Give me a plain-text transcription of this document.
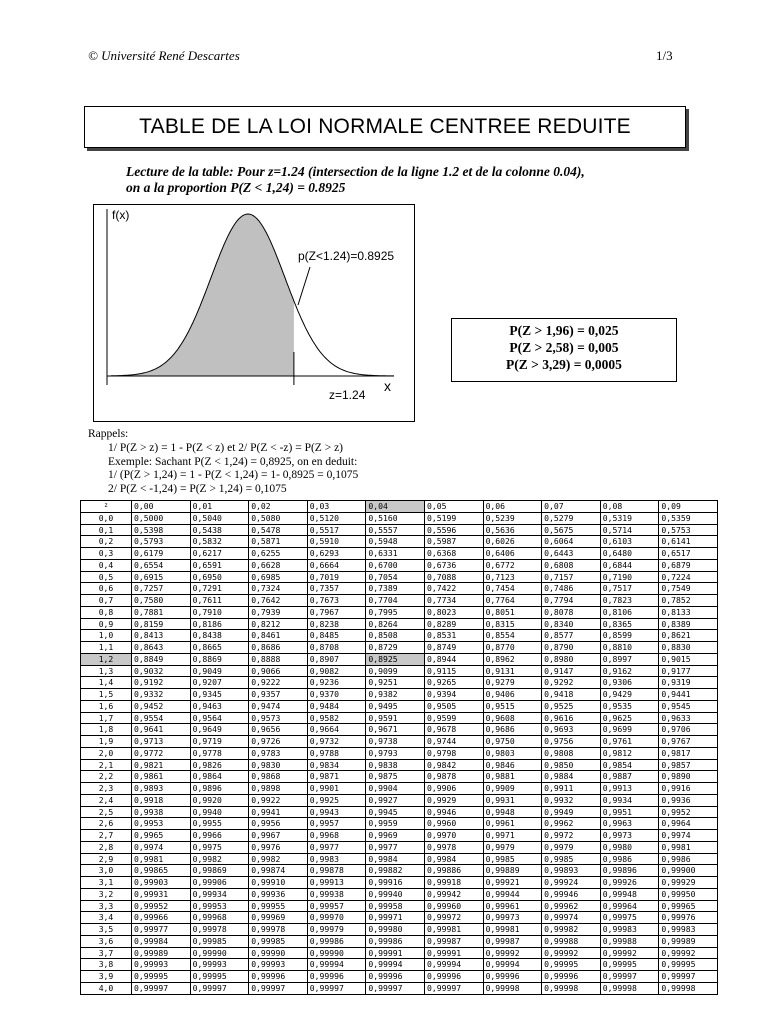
© Université René Descartes	1/3
TABLE DE LA LOI NORMALE CENTREE REDUITE
Lecture de la table: Pour z=1.24 (intersection de la ligne 1.2 et de la colonne 0.04),
on a la proportion P(Z < 1,24) = 0.8925
f(x)
p(Z<1.24)=0.8925
z=1.24
x
P(Z > 1,96) = 0,025
P(Z > 2,58) = 0,005
P(Z > 3,29) = 0,0005
Rappels:
1/ P(Z > z) = 1 - P(Z < z) et 2/ P(Z < -z) = P(Z > z)
Exemple: Sachant P(Z < 1,24) = 0,8925, on en deduit:
1/ (P(Z > 1,24) = 1 - P(Z < 1,24) = 1- 0,8925 = 0,1075
2/ P(Z < -1,24) = P(Z > 1,24) = 0,1075
z	0,00	0,01	0,02	0,03	0,04	0,05	0,06	0,07	0,08	0,09
0,0	0,5000	0,5040	0,5080	0,5120	0,5160	0,5199	0,5239	0,5279	0,5319	0,5359
0,1	0,5398	0,5438	0,5478	0,5517	0,5557	0,5596	0,5636	0,5675	0,5714	0,5753
0,2	0,5793	0,5832	0,5871	0,5910	0,5948	0,5987	0,6026	0,6064	0,6103	0,6141
0,3	0,6179	0,6217	0,6255	0,6293	0,6331	0,6368	0,6406	0,6443	0,6480	0,6517
0,4	0,6554	0,6591	0,6628	0,6664	0,6700	0,6736	0,6772	0,6808	0,6844	0,6879
0,5	0,6915	0,6950	0,6985	0,7019	0,7054	0,7088	0,7123	0,7157	0,7190	0,7224
0,6	0,7257	0,7291	0,7324	0,7357	0,7389	0,7422	0,7454	0,7486	0,7517	0,7549
0,7	0,7580	0,7611	0,7642	0,7673	0,7704	0,7734	0,7764	0,7794	0,7823	0,7852
0,8	0,7881	0,7910	0,7939	0,7967	0,7995	0,8023	0,8051	0,8078	0,8106	0,8133
0,9	0,8159	0,8186	0,8212	0,8238	0,8264	0,8289	0,8315	0,8340	0,8365	0,8389
1,0	0,8413	0,8438	0,8461	0,8485	0,8508	0,8531	0,8554	0,8577	0,8599	0,8621
1,1	0,8643	0,8665	0,8686	0,8708	0,8729	0,8749	0,8770	0,8790	0,8810	0,8830
1,2	0,8849	0,8869	0,8888	0,8907	0,8925	0,8944	0,8962	0,8980	0,8997	0,9015
1,3	0,9032	0,9049	0,9066	0,9082	0,9099	0,9115	0,9131	0,9147	0,9162	0,9177
1,4	0,9192	0,9207	0,9222	0,9236	0,9251	0,9265	0,9279	0,9292	0,9306	0,9319
1,5	0,9332	0,9345	0,9357	0,9370	0,9382	0,9394	0,9406	0,9418	0,9429	0,9441
1,6	0,9452	0,9463	0,9474	0,9484	0,9495	0,9505	0,9515	0,9525	0,9535	0,9545
1,7	0,9554	0,9564	0,9573	0,9582	0,9591	0,9599	0,9608	0,9616	0,9625	0,9633
1,8	0,9641	0,9649	0,9656	0,9664	0,9671	0,9678	0,9686	0,9693	0,9699	0,9706
1,9	0,9713	0,9719	0,9726	0,9732	0,9738	0,9744	0,9750	0,9756	0,9761	0,9767
2,0	0,9772	0,9778	0,9783	0,9788	0,9793	0,9798	0,9803	0,9808	0,9812	0,9817
2,1	0,9821	0,9826	0,9830	0,9834	0,9838	0,9842	0,9846	0,9850	0,9854	0,9857
2,2	0,9861	0,9864	0,9868	0,9871	0,9875	0,9878	0,9881	0,9884	0,9887	0,9890
2,3	0,9893	0,9896	0,9898	0,9901	0,9904	0,9906	0,9909	0,9911	0,9913	0,9916
2,4	0,9918	0,9920	0,9922	0,9925	0,9927	0,9929	0,9931	0,9932	0,9934	0,9936
2,5	0,9938	0,9940	0,9941	0,9943	0,9945	0,9946	0,9948	0,9949	0,9951	0,9952
2,6	0,9953	0,9955	0,9956	0,9957	0,9959	0,9960	0,9961	0,9962	0,9963	0,9964
2,7	0,9965	0,9966	0,9967	0,9968	0,9969	0,9970	0,9971	0,9972	0,9973	0,9974
2,8	0,9974	0,9975	0,9976	0,9977	0,9977	0,9978	0,9979	0,9979	0,9980	0,9981
2,9	0,9981	0,9982	0,9982	0,9983	0,9984	0,9984	0,9985	0,9985	0,9986	0,9986
3,0	0,99865	0,99869	0,99874	0,99878	0,99882	0,99886	0,99889	0,99893	0,99896	0,99900
3,1	0,99903	0,99906	0,99910	0,99913	0,99916	0,99918	0,99921	0,99924	0,99926	0,99929
3,2	0,99931	0,99934	0,99936	0,99938	0,99940	0,99942	0,99944	0,99946	0,99948	0,99950
3,3	0,99952	0,99953	0,99955	0,99957	0,99958	0,99960	0,99961	0,99962	0,99964	0,99965
3,4	0,99966	0,99968	0,99969	0,99970	0,99971	0,99972	0,99973	0,99974	0,99975	0,99976
3,5	0,99977	0,99978	0,99978	0,99979	0,99980	0,99981	0,99981	0,99982	0,99983	0,99983
3,6	0,99984	0,99985	0,99985	0,99986	0,99986	0,99987	0,99987	0,99988	0,99988	0,99989
3,7	0,99989	0,99990	0,99990	0,99990	0,99991	0,99991	0,99992	0,99992	0,99992	0,99992
3,8	0,99993	0,99993	0,99993	0,99994	0,99994	0,99994	0,99994	0,99995	0,99995	0,99995
3,9	0,99995	0,99995	0,99996	0,99996	0,99996	0,99996	0,99996	0,99996	0,99997	0,99997
4,0	0,99997	0,99997	0,99997	0,99997	0,99997	0,99997	0,99998	0,99998	0,99998	0,99998
